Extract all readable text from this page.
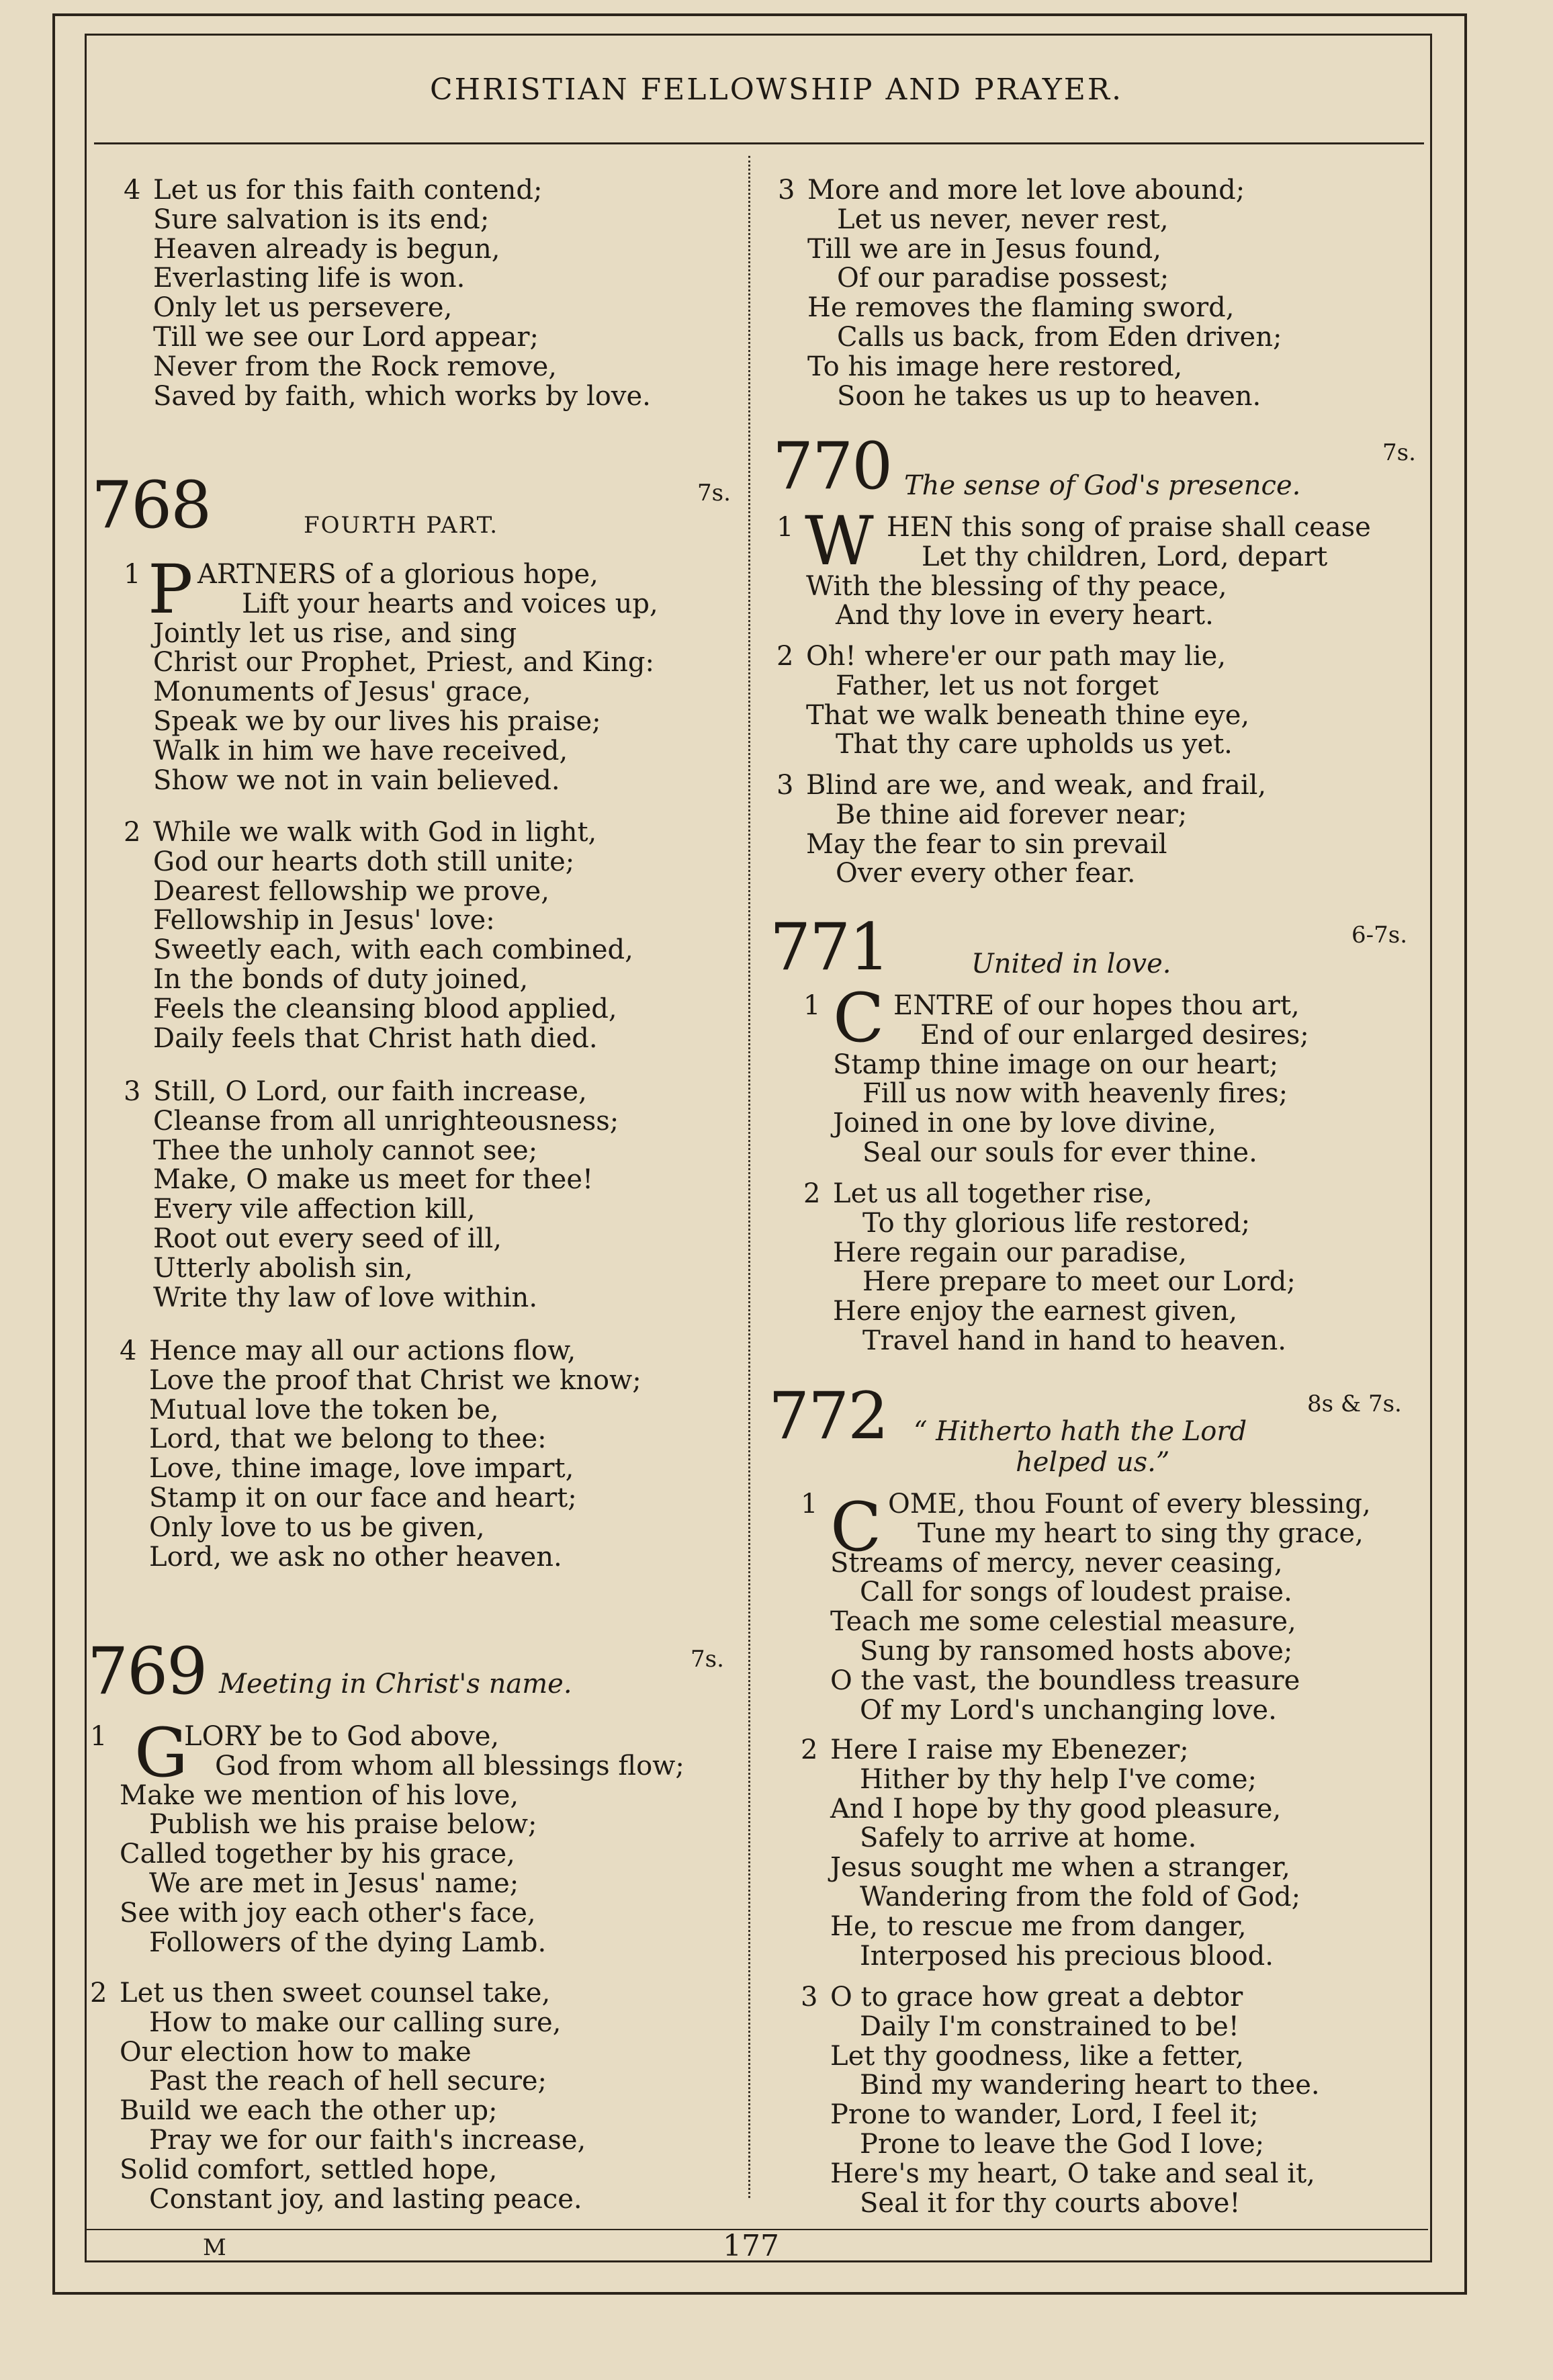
CHRISTIAN FELLOWSHIP AND PRAYER.
4 Let us for this faith contend;
Sure salvation is its end;
Heaven already is begun,
Everlasting life is won.
Only let us persevere,
Till we see our Lord appear;
Never from the Rock remove,
Saved by faith, which works by love.
768	7s.
FOURTH PART.
P
1 ARTNERS of a glorious hope,
Lift your hearts and voices up,
Jointly let us rise, and sing
Christ our Prophet, Priest, and King:
Monuments of Jesus' grace,
Speak we by our lives his praise;
Walk in him we have received,
Show we not in vain believed.
2 While we walk with God in light,
God our hearts doth still unite;
Dearest fellowship we prove,
Fellowship in Jesus' love:
Sweetly each, with each combined,
In the bonds of duty joined,
Feels the cleansing blood applied,
Daily feels that Christ hath died.
3 Still, O Lord, our faith increase,
Cleanse from all unrighteousness;
Thee the unholy cannot see;
Make, O make us meet for thee!
Every vile affection kill,
Root out every seed of ill,
Utterly abolish sin,
Write thy law of love within.
4 Hence may all our actions flow,
Love the proof that Christ we know;
Mutual love the token be,
Lord, that we belong to thee:
Love, thine image, love impart,
Stamp it on our face and heart;
Only love to us be given,
Lord, we ask no other heaven.
769	7s.
Meeting in Christ's name.
G
1	LORY be to God above,
God from whom all blessings flow;
Make we mention of his love,
Publish we his praise below;
Called together by his grace,
We are met in Jesus' name;
See with joy each other's face,
Followers of the dying Lamb.
2 Let us then sweet counsel take,
How to make our calling sure,
Our election how to make
Past the reach of hell secure;
Build we each the other up;
Pray we for our faith's increase,
Solid comfort, settled hope,
Constant joy, and lasting peace.
3 More and more let love abound;
Let us never, never rest,
Till we are in Jesus found,
Of our paradise possest;
He removes the flaming sword,
Calls us back, from Eden driven;
To his image here restored,
Soon he takes us up to heaven.
770	7s.
The sense of God's presence.
W
1	HEN this song of praise shall cease
Let thy children, Lord, depart
With the blessing of thy peace,
And thy love in every heart.
2 Oh! where'er our path may lie,
Father, let us not forget
That we walk beneath thine eye,
That thy care upholds us yet.
3 Blind are we, and weak, and frail,
Be thine aid forever near;
May the fear to sin prevail
Over every other fear.
771	6-7s.
United in love.
C
1	ENTRE of our hopes thou art,
End of our enlarged desires;
Stamp thine image on our heart;
Fill us now with heavenly fires;
Joined in one by love divine,
Seal our souls for ever thine.
2 Let us all together rise,
To thy glorious life restored;
Here regain our paradise,
Here prepare to meet our Lord;
Here enjoy the earnest given,
Travel hand in hand to heaven.
772	8s & 7s.
“ Hitherto hath the Lord
helped us.”
C
1	OME, thou Fount of every blessing,
Tune my heart to sing thy grace,
Streams of mercy, never ceasing,
Call for songs of loudest praise.
Teach me some celestial measure,
Sung by ransomed hosts above;
O the vast, the boundless treasure
Of my Lord's unchanging love.
2 Here I raise my Ebenezer;
Hither by thy help I've come;
And I hope by thy good pleasure,
Safely to arrive at home.
Jesus sought me when a stranger,
Wandering from the fold of God;
He, to rescue me from danger,
Interposed his precious blood.
3 O to grace how great a debtor
Daily I'm constrained to be!
Let thy goodness, like a fetter,
Bind my wandering heart to thee.
Prone to wander, Lord, I feel it;
Prone to leave the God I love;
Here's my heart, O take and seal it,
Seal it for thy courts above!
M	177
